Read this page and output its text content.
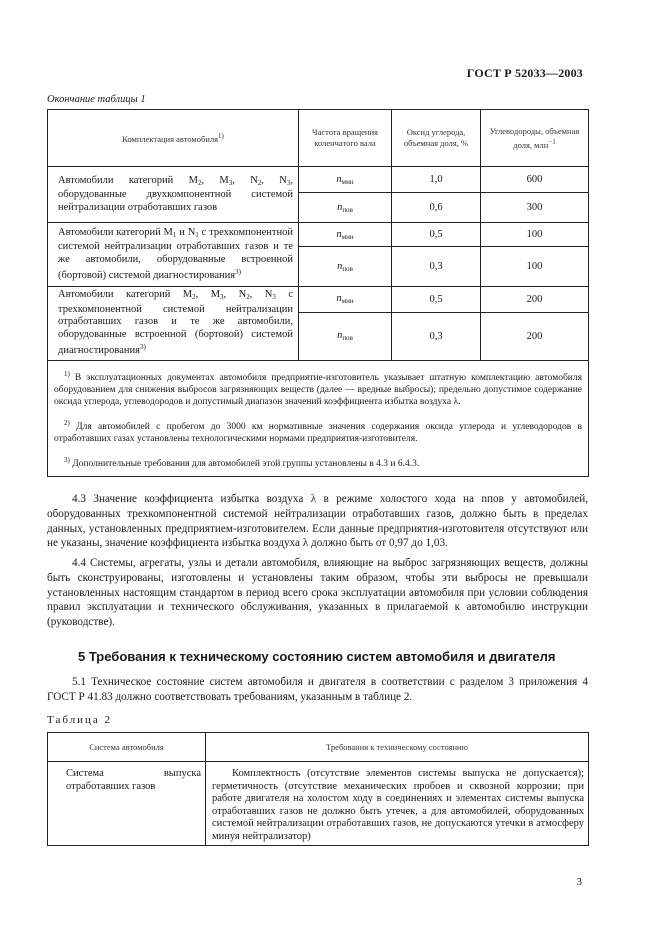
ГОСТ Р 52033—2003
Окончание таблицы 1
Комплектация автомобиля$^{1)}$	Частота вращения коленчатого вала	Оксид углерода, объемная доля, %	Углеводороды, объемная доля, млн$^{-1}$
Автомобили категорий M2, M3, N2, N3, оборудованные двухкомпонентной системой нейтрализации отработавших газов	nмин	1,0	600
	nпов	0,6	300
Автомобили категорий M1 и N1 с трехкомпонентной системой нейтрализации отработавших газов и те же автомобили, оборудованные встроенной (бортовой) системой диагностирования$^{3)}$	nмин	0,5	100
	nпов	0,3	100
Автомобили категорий M2, M3, N2, N3 с трехкомпонентной системой нейтрализации отработавших газов и те же автомобили, оборудованные встроенной (бортовой) системой диагностирования$^{3)}$	nмин	0,5	200
	nпов	0,3	200

$^{1)}$ В эксплуатационных документах автомобиля предприятие-изготовитель указывает штатную комплектацию автомобиля оборудованием для снижения выбросов загрязняющих веществ (далее — вредные выбросы); предельно допустимое содержание оксида углерода, углеводородов и допустимый диапазон значений коэффициента избытка воздуха λ.

$^{2)}$ Для автомобилей с пробегом до 3000 км нормативные значения содержания оксида углерода и углеводородов в отработавших газах установлены технологическими нормами предприятия-изготовителя.

$^{3)}$ Дополнительные требования для автомобилей этой группы установлены в 4.3 и 6.4.3.			

4.3 Значение коэффициента избытка воздуха λ в режиме холостого хода на nпов у автомобилей, оборудованных трехкомпонентной системой нейтрализации отработавших газов, должно быть в пределах данных, установленных предприятием-изготовителем. Если данные предприятия-изготовителя отсутствуют или не указаны, значение коэффициента избытка воздуха λ должно быть от 0,97 до 1,03.

4.4 Системы, агрегаты, узлы и детали автомобиля, влияющие на выброс загрязняющих веществ, должны быть сконструированы, изготовлены и установлены таким образом, чтобы эти выбросы не превышали установленных настоящим стандартом в период всего срока эксплуатации автомобиля при условии соблюдения правил эксплуатации и технического обслуживания, указанных в прилагаемой к автомобилю инструкции (руководстве).

5 Требования к техническому состоянию систем автомобиля и двигателя

5.1 Техническое состояние систем автомобиля и двигателя в соответствии с разделом 3 приложения 4 ГОСТ Р 41.83 должно соответствовать требованиям, указанным в таблице 2.

Таблица 2
Система автомобиля	Требования к техническому состоянию
Система выпуска отработавших газов	Комплектность (отсутствие элементов системы выпуска не допускается); герметичность (отсутствие механических пробоев и сквозной коррозии; при работе двигателя на холостом ходу в соединениях и элементах системы выпуска отработавших газов не должно быть утечек, а для автомобилей, оборудованных системой нейтрализации отработавших газов, не допускаются утечки в атмосферу минуя нейтрализатор)
3
